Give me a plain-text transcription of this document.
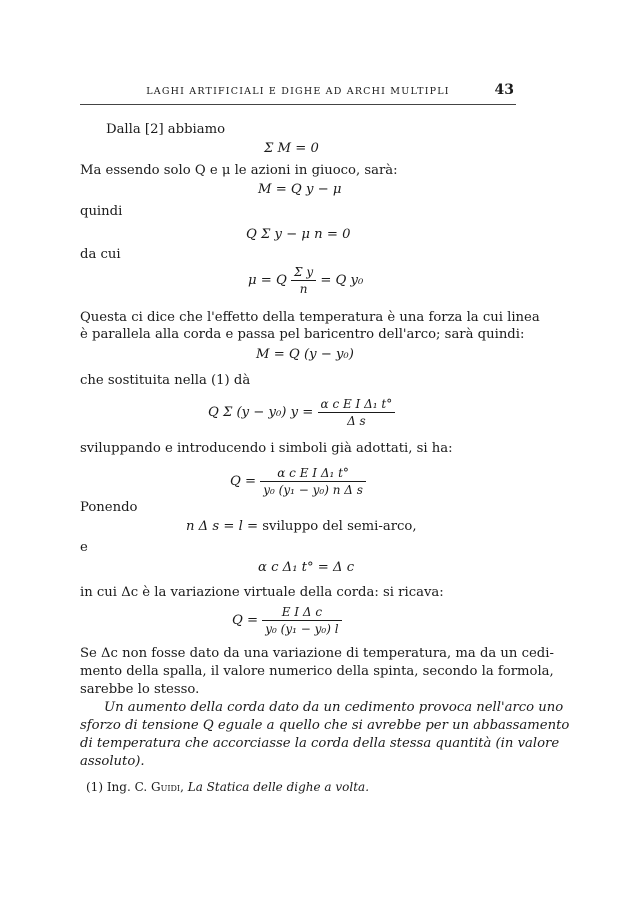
LAGHI ARTIFICIALI E DIGHE AD ARCHI MULTIPLI	43
Dalla [2] abbiamo
Σ M = 0
Ma essendo solo Q e μ le azioni in giuoco, sarà:
M = Q y − μ
quindi
Q Σ y − μ n = 0
da cui
μ = Q $\frac{\text{Σ y}}{n} = Q$ y₀
Questa ci dice che l'effetto della temperatura è una forza la cui linea
è parallela alla corda e passa pel baricentro dell'arco; sarà quindi:
M = Q (y − y₀)
che sostituita nella (1) dà
Q Σ (y − y₀) $y = \frac{\text{α c E I Δ₁ t°}}{\text{Δ s}}$
sviluppando e introducendo i simboli già adottati, si ha:
$Q = \frac{\text{α c E I Δ₁ t°}}{\text{y₀ (y₁ − y₀) n Δ s}}$
Ponendo
n Δ s = l = sviluppo del semi-arco,
e
α c Δ₁ t° = Δ c
in cui Δc è la variazione virtuale della corda: si ricava:
$Q = \frac{\text{E I Δ c}}{\text{y₀ (y₁ − y₀) l}}$
Se Δc non fosse dato da una variazione di temperatura, ma da un cedi-
mento della spalla, il valore numerico della spinta, secondo la formola,
sarebbe lo stesso.
Un aumento della corda dato da un cedimento provoca nell'arco uno
sforzo di tensione Q eguale a quello che si avrebbe per un abbassamento
di temperatura che accorciasse la corda della stessa quantità (in valore
assoluto).
(1) Ing. C. Guidi, La Statica delle dighe a volta.
